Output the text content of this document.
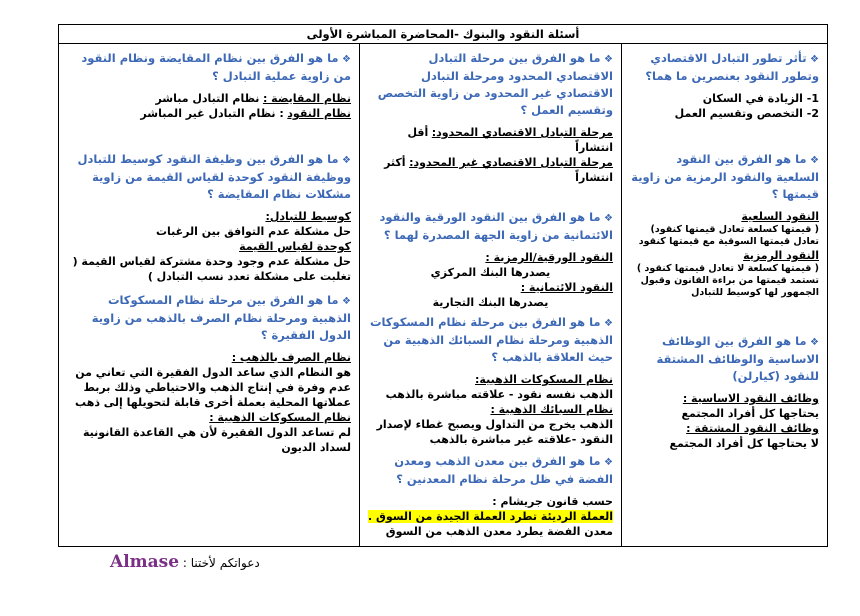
أسئلة النقود والبنوك -المحاضرة المباشرة الأولى

❖ تأثر تطور التبادل الاقتصادي وتطور النقود بعنصرين ما هما؟

1- الزيادة في السكان

2- التخصص وتقسيم العمل

❖ ما هو الفرق بين النقود السلعية والنقود الرمزية من زاوية قيمتها ؟

النقود السلعية

( قيمتها كسلعة تعادل قيمتها كنقود)

تعادل قيمتها السوقية مع قيمتها كنقود

النقود الرمزية

( قيمتها كسلعة لا تعادل قيمتها كنقود )

تستمد قيمتها من براءة القانون وقبول الجمهور لها كوسيط للتبادل

❖ ما هو الفرق بين الوظائف الاساسية والوظائف المشتقة للنقود (كيارلن)

وظائف النقود الاساسية :

يحتاجها كل أفراد المجتمع

وظائف النقود المشتقة :

لا يحتاجها كل أفراد المجتمع

❖ ما هو الفرق بين مرحلة التبادل الاقتصادي المحدود ومرحلة التبادل الاقتصادي غير المحدود من زاوية التخصص وتقسيم العمل ؟

مرحلة التبادل الاقتصادي المحدود: أقل انتشاراً

مرحلة التبادل الاقتصادي غير المحدود: أكثر انتشاراً

❖ ما هو الفرق بين النقود الورقية والنقود الائتمانية من زاوية الجهة المصدرة لهما ؟

النقود الورقية/الرمزية :

يصدرها البنك المركزي

النقود الائتمانية :

يصدرها البنك التجارية

❖ ما هو الفرق بين مرحلة نظام المسكوكات الذهبية ومرحلة نظام السبائك الذهبية من حيث العلاقة بالذهب ؟

نظام المسكوكات الذهبية:

الذهب نفسه نقود - علاقته مباشرة بالذهب

نظام السبائك الذهبية :

الذهب يخرج من التداول ويصبح غطاء لإصدار النقود -علاقته غير مباشرة بالذهب

❖ ما هو الفرق بين معدن الذهب ومعدن الفضة في ظل مرحلة نظام المعدنين ؟

حسب قانون جريشام :

العملة الرديئة تطرد العملة الجيدة من السوق .

معدن الفضة يطرد معدن الذهب من السوق

❖ ما هو الفرق بين نظام المقايضة ونظام النقود من زاوية عملية التبادل ؟

نظام المقايضة : نظام التبادل مباشر

نظام النقود : نظام التبادل غير المباشر

❖ ما هو الفرق بين وظيفة النقود كوسيط للتبادل ووظيفة النقود كوحدة لقياس القيمة من زاوية مشكلات نظام المقايضة ؟

كوسيط للتبادل:

حل مشكلة عدم التوافق بين الرغبات

كوحدة لقياس القيمة

حل مشكلة عدم وجود وحدة مشتركة لقياس القيمة ( تغلبت على مشكلة تعدد نسب التبادل )

❖ ما هو الفرق بين مرحلة نظام المسكوكات الذهبية ومرحلة نظام الصرف بالذهب من زاوية الدول الفقيرة ؟

نظام الصرف بالذهب :

هو النظام الذي ساعد الدول الفقيرة التي تعاني من عدم وفرة في إنتاج الذهب والاحتياطي وذلك بربط عملاتها المحلية بعملة أخرى قابلة لتحويلها إلى ذهب

نظام المسكوكات الذهبية :

لم تساعد الدول الفقيرة لأن هي القاعدة القانونية لسداد الديون

دعواتكم لأختنا : Almase
